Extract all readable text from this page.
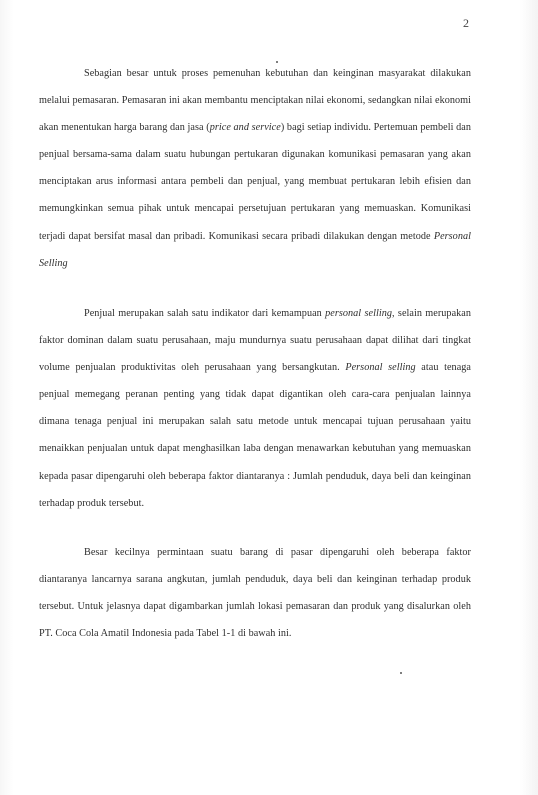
2

Sebagian besar untuk proses pemenuhan kebutuhan dan keinginan masyarakat dilakukan melalui pemasaran. Pemasaran ini akan membantu menciptakan nilai ekonomi, sedangkan nilai ekonomi akan menentukan harga barang dan jasa (price and service) bagi setiap individu. Pertemuan pembeli dan penjual bersama-sama dalam suatu hubungan pertukaran digunakan komunikasi pemasaran yang akan menciptakan arus informasi antara pembeli dan penjual, yang membuat pertukaran lebih efisien dan memungkinkan semua pihak untuk mencapai persetujuan pertukaran yang memuaskan. Komunikasi terjadi dapat bersifat masal dan pribadi. Komunikasi secara pribadi dilakukan dengan metode Personal Selling

Penjual merupakan salah satu indikator dari kemampuan personal selling, selain merupakan faktor dominan dalam suatu perusahaan, maju mundurnya suatu perusahaan dapat dilihat dari tingkat volume penjualan produktivitas oleh perusahaan yang bersangkutan. Personal selling atau tenaga penjual memegang peranan penting yang tidak dapat digantikan oleh cara-cara penjualan lainnya dimana tenaga penjual ini merupakan salah satu metode untuk mencapai tujuan perusahaan yaitu menaikkan penjualan untuk dapat menghasilkan laba dengan menawarkan kebutuhan yang memuaskan kepada pasar dipengaruhi oleh beberapa faktor diantaranya : Jumlah penduduk, daya beli dan keinginan terhadap produk tersebut.

Besar kecilnya permintaan suatu barang di pasar dipengaruhi oleh beberapa faktor diantaranya lancarnya sarana angkutan, jumlah penduduk, daya beli dan keinginan terhadap produk tersebut. Untuk jelasnya dapat digambarkan jumlah lokasi pemasaran dan produk yang disalurkan oleh PT. Coca Cola Amatil Indonesia pada Tabel 1-1 di bawah ini.
